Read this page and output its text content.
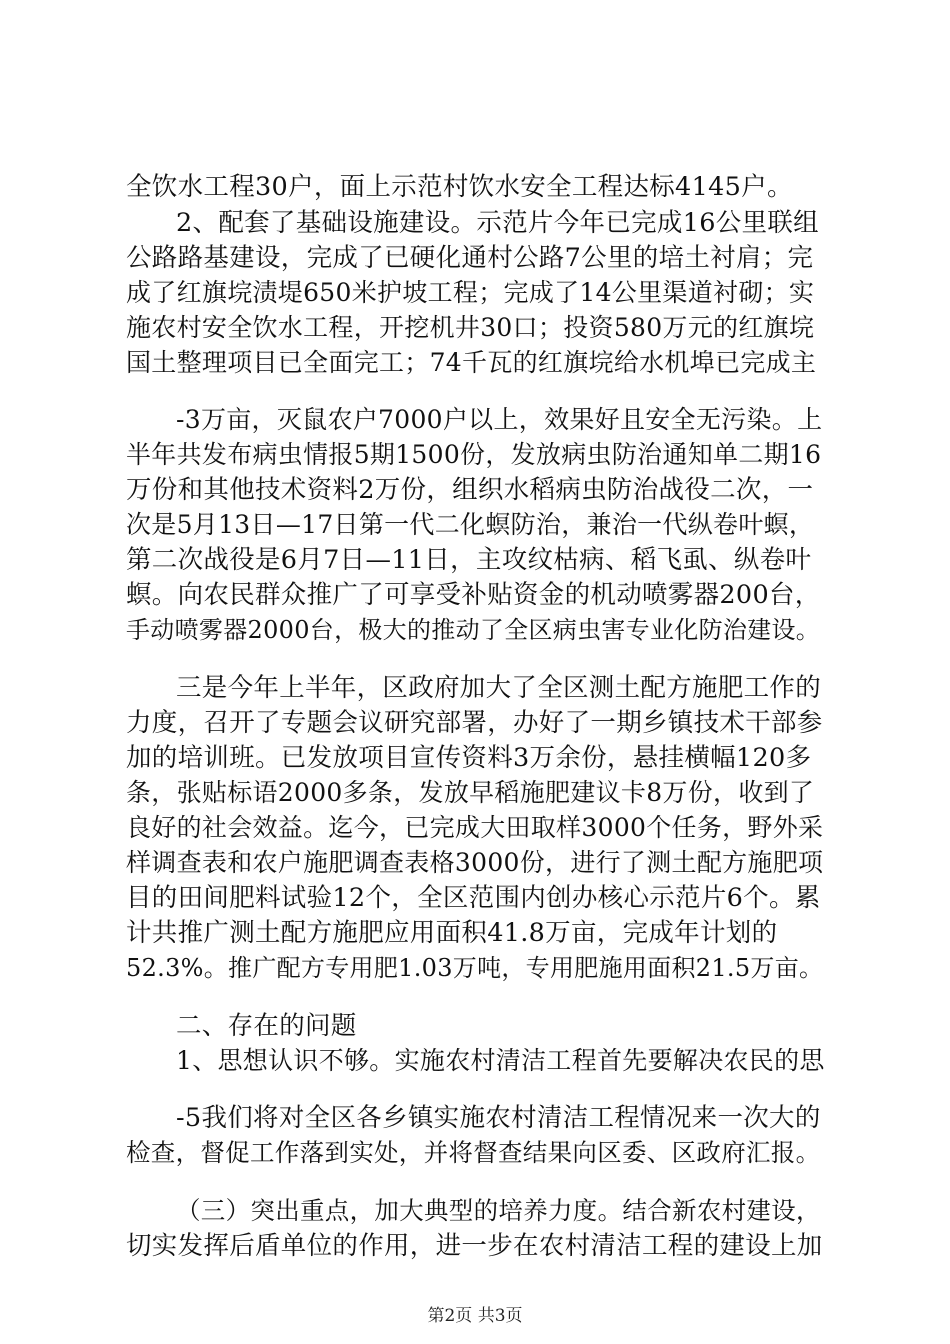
全饮水工程30户，面上示范村饮水安全工程达标4145户。
2、配套了基础设施建设。示范片今年已完成16公里联组
公路路基建设，完成了已硬化通村公路7公里的培土衬肩；完
成了红旗垸渍堤650米护坡工程；完成了14公里渠道衬砌；实
施农村安全饮水工程，开挖机井30口；投资580万元的红旗垸
国土整理项目已全面完工；74千瓦的红旗垸给水机埠已完成主
-3万亩，灭鼠农户7000户以上，效果好且安全无污染。上
半年共发布病虫情报5期1500份，发放病虫防治通知单二期16
万份和其他技术资料2万份，组织水稻病虫防治战役二次，一
次是5月13日—17日第一代二化螟防治，兼治一代纵卷叶螟，
第二次战役是6月7日—11日，主攻纹枯病、稻飞虱、纵卷叶
螟。向农民群众推广了可享受补贴资金的机动喷雾器200台，
手动喷雾器2000台，极大的推动了全区病虫害专业化防治建设。
三是今年上半年，区政府加大了全区测土配方施肥工作的
力度，召开了专题会议研究部署，办好了一期乡镇技术干部参
加的培训班。已发放项目宣传资料3万余份，悬挂横幅120多
条，张贴标语2000多条，发放早稻施肥建议卡8万份，收到了
良好的社会效益。迄今，已完成大田取样3000个任务，野外采
样调查表和农户施肥调查表格3000份，进行了测土配方施肥项
目的田间肥料试验12个，全区范围内创办核心示范片6个。累
计共推广测土配方施肥应用面积41.8万亩，完成年计划的
52.3%。推广配方专用肥1.03万吨，专用肥施用面积21.5万亩。
二、存在的问题
1、思想认识不够。实施农村清洁工程首先要解决农民的思
-5我们将对全区各乡镇实施农村清洁工程情况来一次大的
检查，督促工作落到实处，并将督查结果向区委、区政府汇报。
（三）突出重点，加大典型的培养力度。结合新农村建设，
切实发挥后盾单位的作用，进一步在农村清洁工程的建设上加
第2页 共3页
